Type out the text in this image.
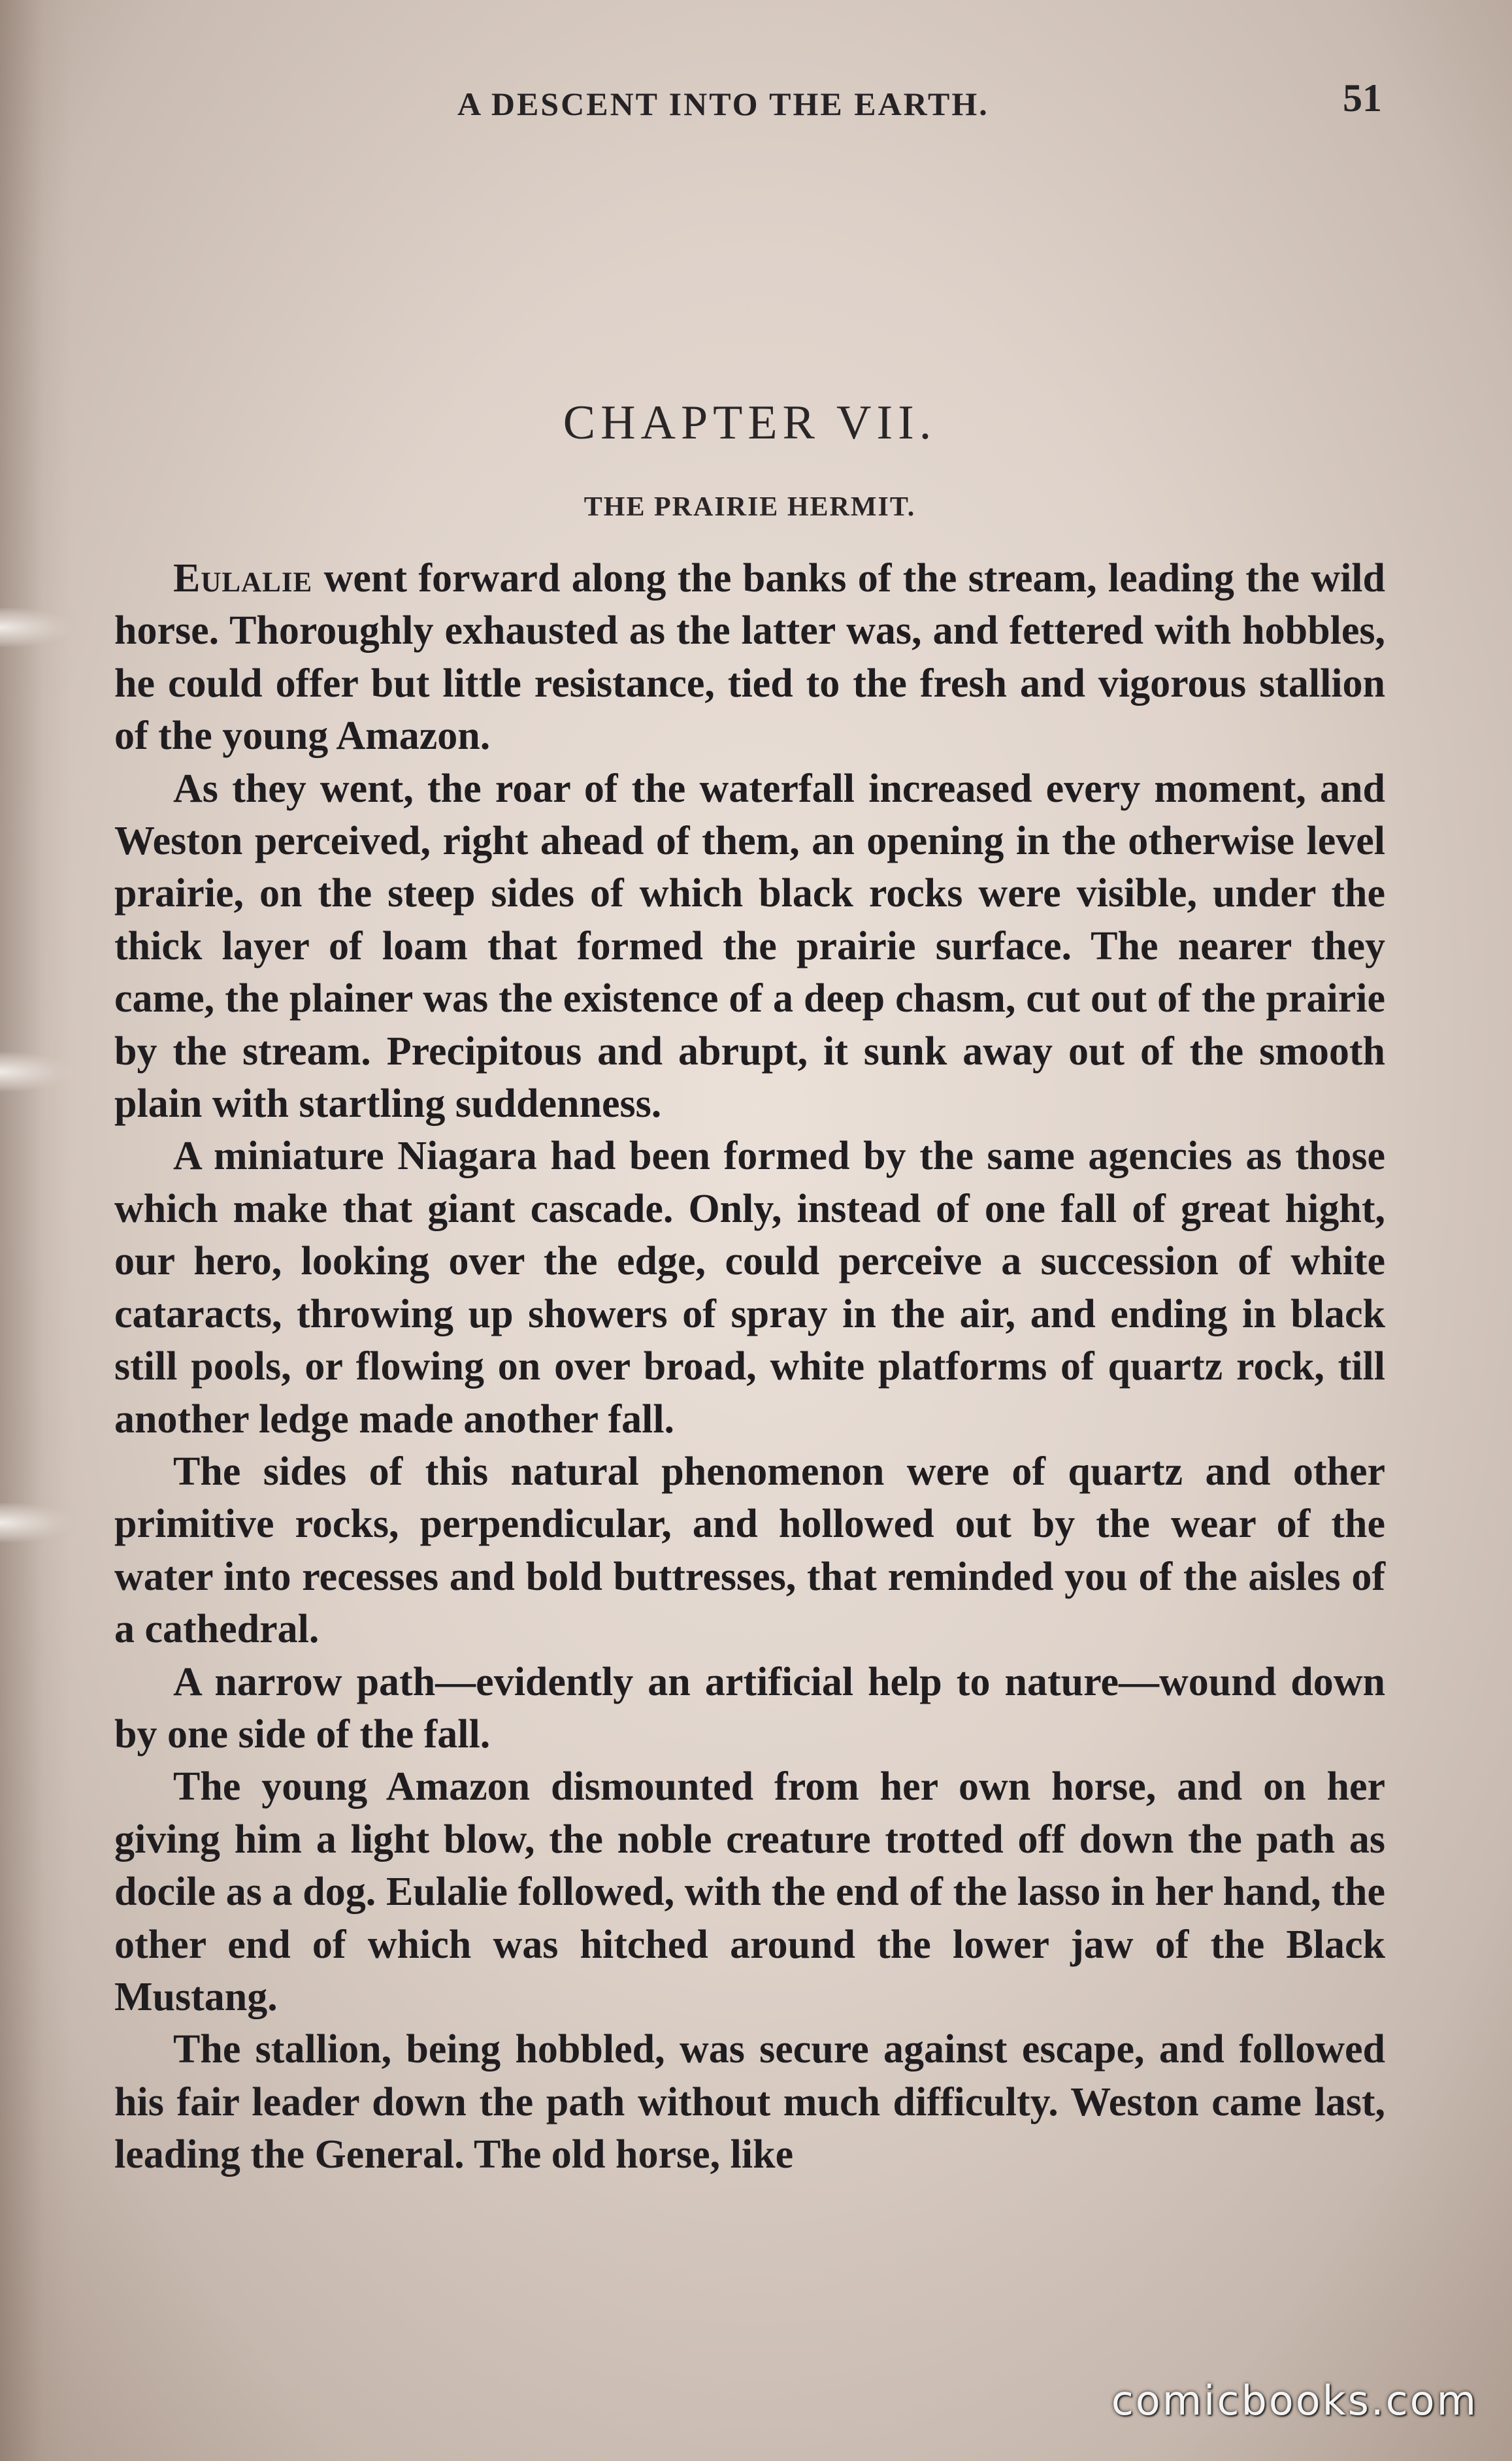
A DESCENT INTO THE EARTH.	51
CHAPTER VII.
THE PRAIRIE HERMIT.

Eulalie went forward along the banks of the stream, leading the wild horse. Thoroughly exhausted as the latter was, and fettered with hobbles, he could offer but little resistance, tied to the fresh and vigorous stallion of the young Amazon.

As they went, the roar of the waterfall increased every moment, and Weston perceived, right ahead of them, an opening in the otherwise level prairie, on the steep sides of which black rocks were visible, under the thick layer of loam that formed the prairie surface. The nearer they came, the plainer was the existence of a deep chasm, cut out of the prairie by the stream. Precipitous and abrupt, it sunk away out of the smooth plain with startling suddenness.

A miniature Niagara had been formed by the same agencies as those which make that giant cascade. Only, instead of one fall of great hight, our hero, looking over the edge, could perceive a succession of white cataracts, throwing up showers of spray in the air, and ending in black still pools, or flowing on over broad, white platforms of quartz rock, till another ledge made another fall.

The sides of this natural phenomenon were of quartz and other primitive rocks, perpendicular, and hollowed out by the wear of the water into recesses and bold buttresses, that reminded you of the aisles of a cathedral.

A narrow path—evidently an artificial help to nature—wound down by one side of the fall.

The young Amazon dismounted from her own horse, and on her giving him a light blow, the noble creature trotted off down the path as docile as a dog. Eulalie followed, with the end of the lasso in her hand, the other end of which was hitched around the lower jaw of the Black Mustang.

The stallion, being hobbled, was secure against escape, and followed his fair leader down the path without much difficulty. Weston came last, leading the General. The old horse, like

comicbooks.com
